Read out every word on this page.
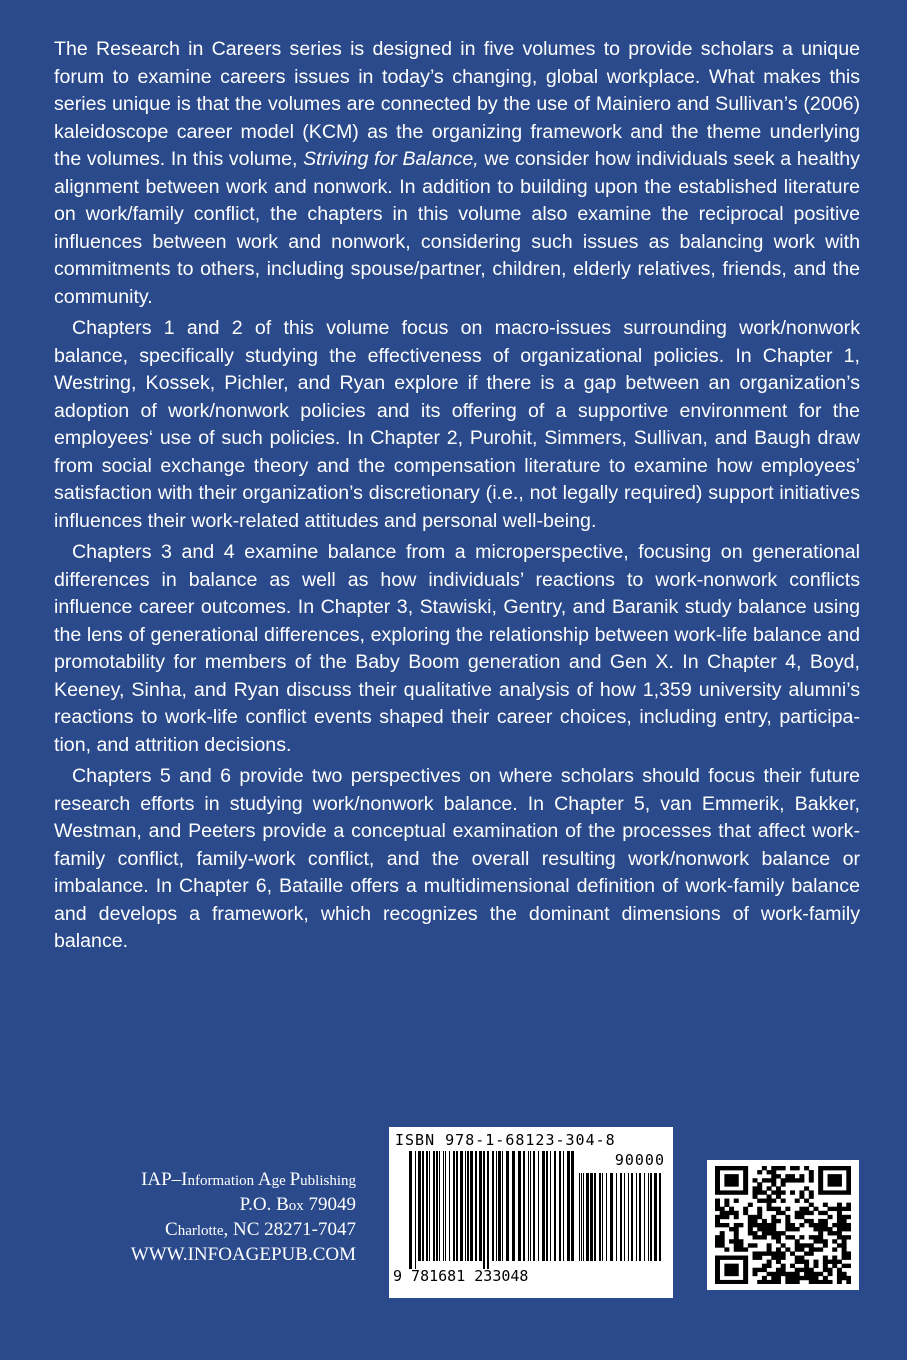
The Research in Careers series is designed in five volumes to provide scholars a unique forum to examine careers issues in today’s changing, global workplace. What makes this series unique is that the volumes are connected by the use of Mainiero and Sullivan’s (2006) kaleidoscope career model (KCM) as the organizing framework and the theme underlying the volumes. In this volume, Striving for Balance, we consider how individuals seek a healthy alignment between work and nonwork. In addition to building upon the established literature on work/family conflict, the chapters in this volume also examine the reciprocal positive influences between work and nonwork, considering such issues as balancing work with commitments to others, including spouse/partner, children, elderly relatives, friends, and the community.

Chapters 1 and 2 of this volume focus on macro-issues surrounding work/nonwork balance, specifically studying the effectiveness of organizational policies. In Chapter 1, Westring, Kossek, Pichler, and Ryan explore if there is a gap between an organization’s adoption of work/nonwork policies and its offering of a supportive environment for the employees‘ use of such policies. In Chapter 2, Purohit, Simmers, Sullivan, and Baugh draw from social exchange theory and the compensation literature to examine how employees’ satisfaction with their organization’s discretionary (i.e., not legally required) support initiatives influences their work-related attitudes and personal well-being.

Chapters 3 and 4 examine balance from a microperspective, focusing on generational differences in balance as well as how individuals’ reactions to work-nonwork conflicts influence career outcomes. In Chapter 3, Stawiski, Gentry, and Baranik study balance using the lens of generational differences, exploring the relationship between work-life balance and promotability for members of the Baby Boom generation and Gen X. In Chapter 4, Boyd, Keeney, Sinha, and Ryan discuss their qualitative analysis of how 1,359 university alumni’s reactions to work-life conflict events shaped their career choices, including entry, participation, and attrition decisions.

Chapters 5 and 6 provide two perspectives on where scholars should focus their future research efforts in studying work/nonwork balance. In Chapter 5, van Emmerik, Bakker, Westman, and Peeters provide a conceptual examination of the processes that affect work-family conflict, family-work conflict, and the overall resulting work/nonwork balance or imbalance. In Chapter 6, Bataille offers a multidimensional definition of work-family balance and develops a framework, which recognizes the dominant dimensions of work-family balance.

IAP–Information Age Publishing
P.O. Box 79049
Charlotte, NC 28271-7047
WWW.INFOAGEPUB.COM
ISBN 978-1-68123-304-8
90000
9 781681 233048
